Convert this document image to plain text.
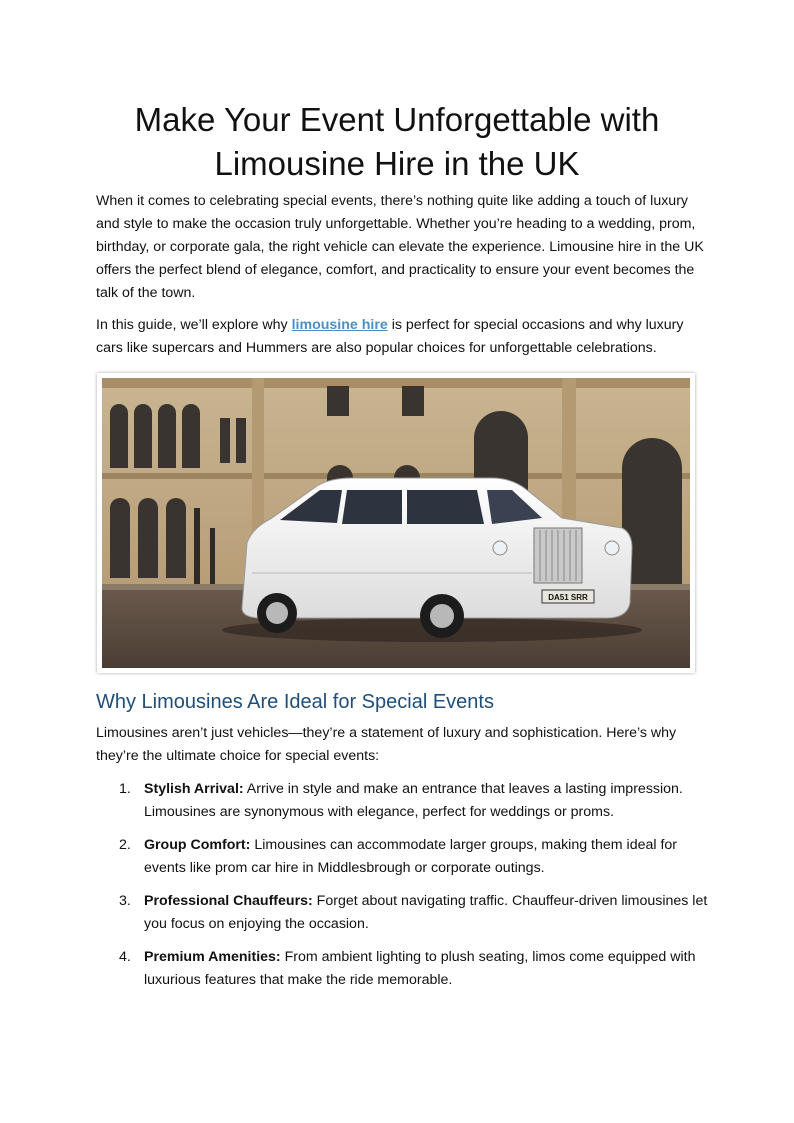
Make Your Event Unforgettable with
Limousine Hire in the UK

When it comes to celebrating special events, there’s nothing quite like adding a touch of luxury and style to make the occasion truly unforgettable. Whether you’re heading to a wedding, prom, birthday, or corporate gala, the right vehicle can elevate the experience. Limousine hire in the UK offers the perfect blend of elegance, comfort, and practicality to ensure your event becomes the talk of the town.

In this guide, we’ll explore why limousine hire is perfect for special occasions and why luxury cars like supercars and Hummers are also popular choices for unforgettable celebrations.

DA51 SRR
Why Limousines Are Ideal for Special Events

Limousines aren’t just vehicles—they’re a statement of luxury and sophistication. Here’s why they’re the ultimate choice for special events:

1. Stylish Arrival: Arrive in style and make an entrance that leaves a lasting impression. Limousines are synonymous with elegance, perfect for weddings or proms.
2. Group Comfort: Limousines can accommodate larger groups, making them ideal for events like prom car hire in Middlesbrough or corporate outings.
3. Professional Chauffeurs: Forget about navigating traffic. Chauffeur-driven limousines let you focus on enjoying the occasion.
4. Premium Amenities: From ambient lighting to plush seating, limos come equipped with luxurious features that make the ride memorable.
